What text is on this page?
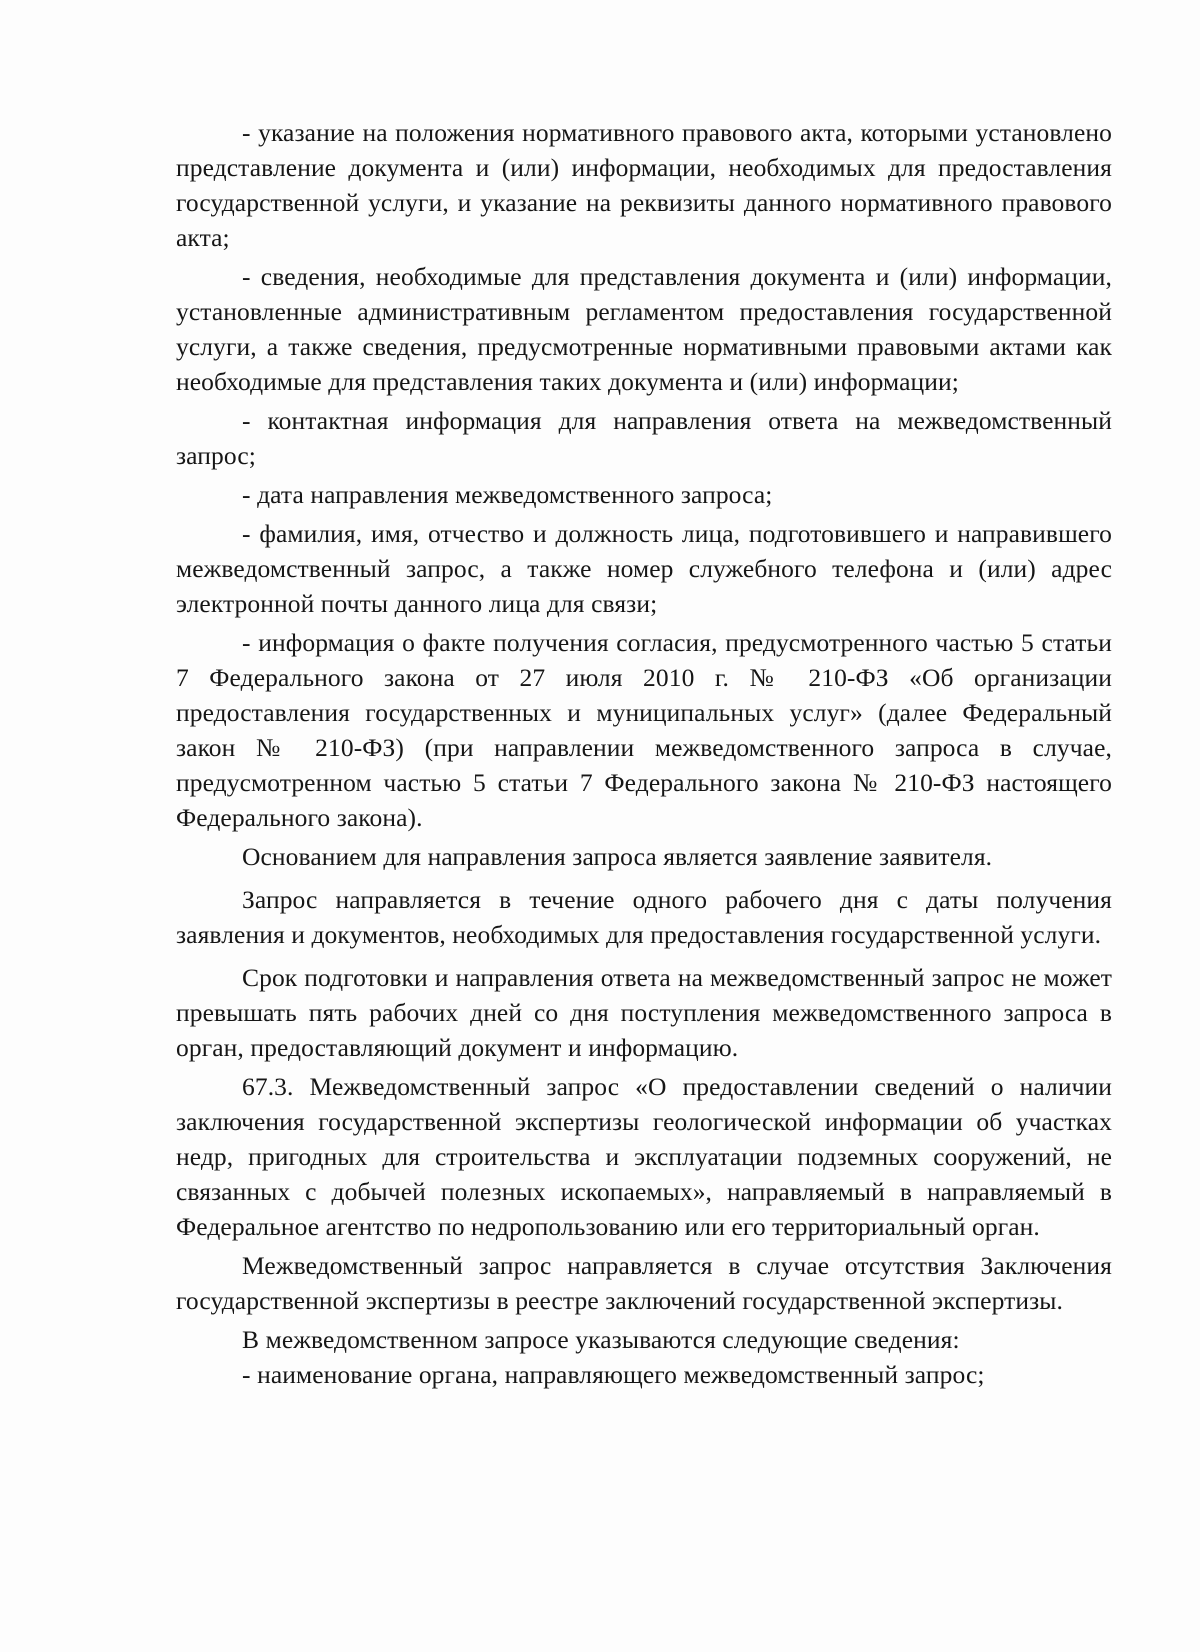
- указание на положения нормативного правового акта, которыми установлено представление документа и (или) информации, необходимых для предоставления государственной услуги, и указание на реквизиты данного нормативного правового акта;

- сведения, необходимые для представления документа и (или) информации, установленные административным регламентом предоставления государственной услуги, а также сведения, предусмотренные нормативными правовыми актами как необходимые для представления таких документа и (или) информации;

- контактная информация для направления ответа на межведомственный запрос;

- дата направления межведомственного запроса;

- фамилия, имя, отчество и должность лица, подготовившего и направившего межведомственный запрос, а также номер служебного телефона и (или) адрес электронной почты данного лица для связи;

- информация о факте получения согласия, предусмотренного частью 5 статьи 7 Федерального закона от 27 июля 2010 г. № 210-ФЗ «Об организации предоставления государственных и муниципальных услуг» (далее Федеральный закон № 210-ФЗ) (при направлении межведомственного запроса в случае, предусмотренном частью 5 статьи 7 Федерального закона № 210-ФЗ настоящего Федерального закона).

Основанием для направления запроса является заявление заявителя.

Запрос направляется в течение одного рабочего дня с даты получения заявления и документов, необходимых для предоставления государственной услуги.

Срок подготовки и направления ответа на межведомственный запрос не может превышать пять рабочих дней со дня поступления межведомственного запроса в орган, предоставляющий документ и информацию.

67.3. Межведомственный запрос «О предоставлении сведений о наличии заключения государственной экспертизы геологической информации об участках недр, пригодных для строительства и эксплуатации подземных сооружений, не связанных с добычей полезных ископаемых», направляемый в направляемый в Федеральное агентство по недропользованию или его территориальный орган.

Межведомственный запрос направляется в случае отсутствия Заключения государственной экспертизы в реестре заключений государственной экспертизы.

В межведомственном запросе указываются следующие сведения:

- наименование органа, направляющего межведомственный запрос;
